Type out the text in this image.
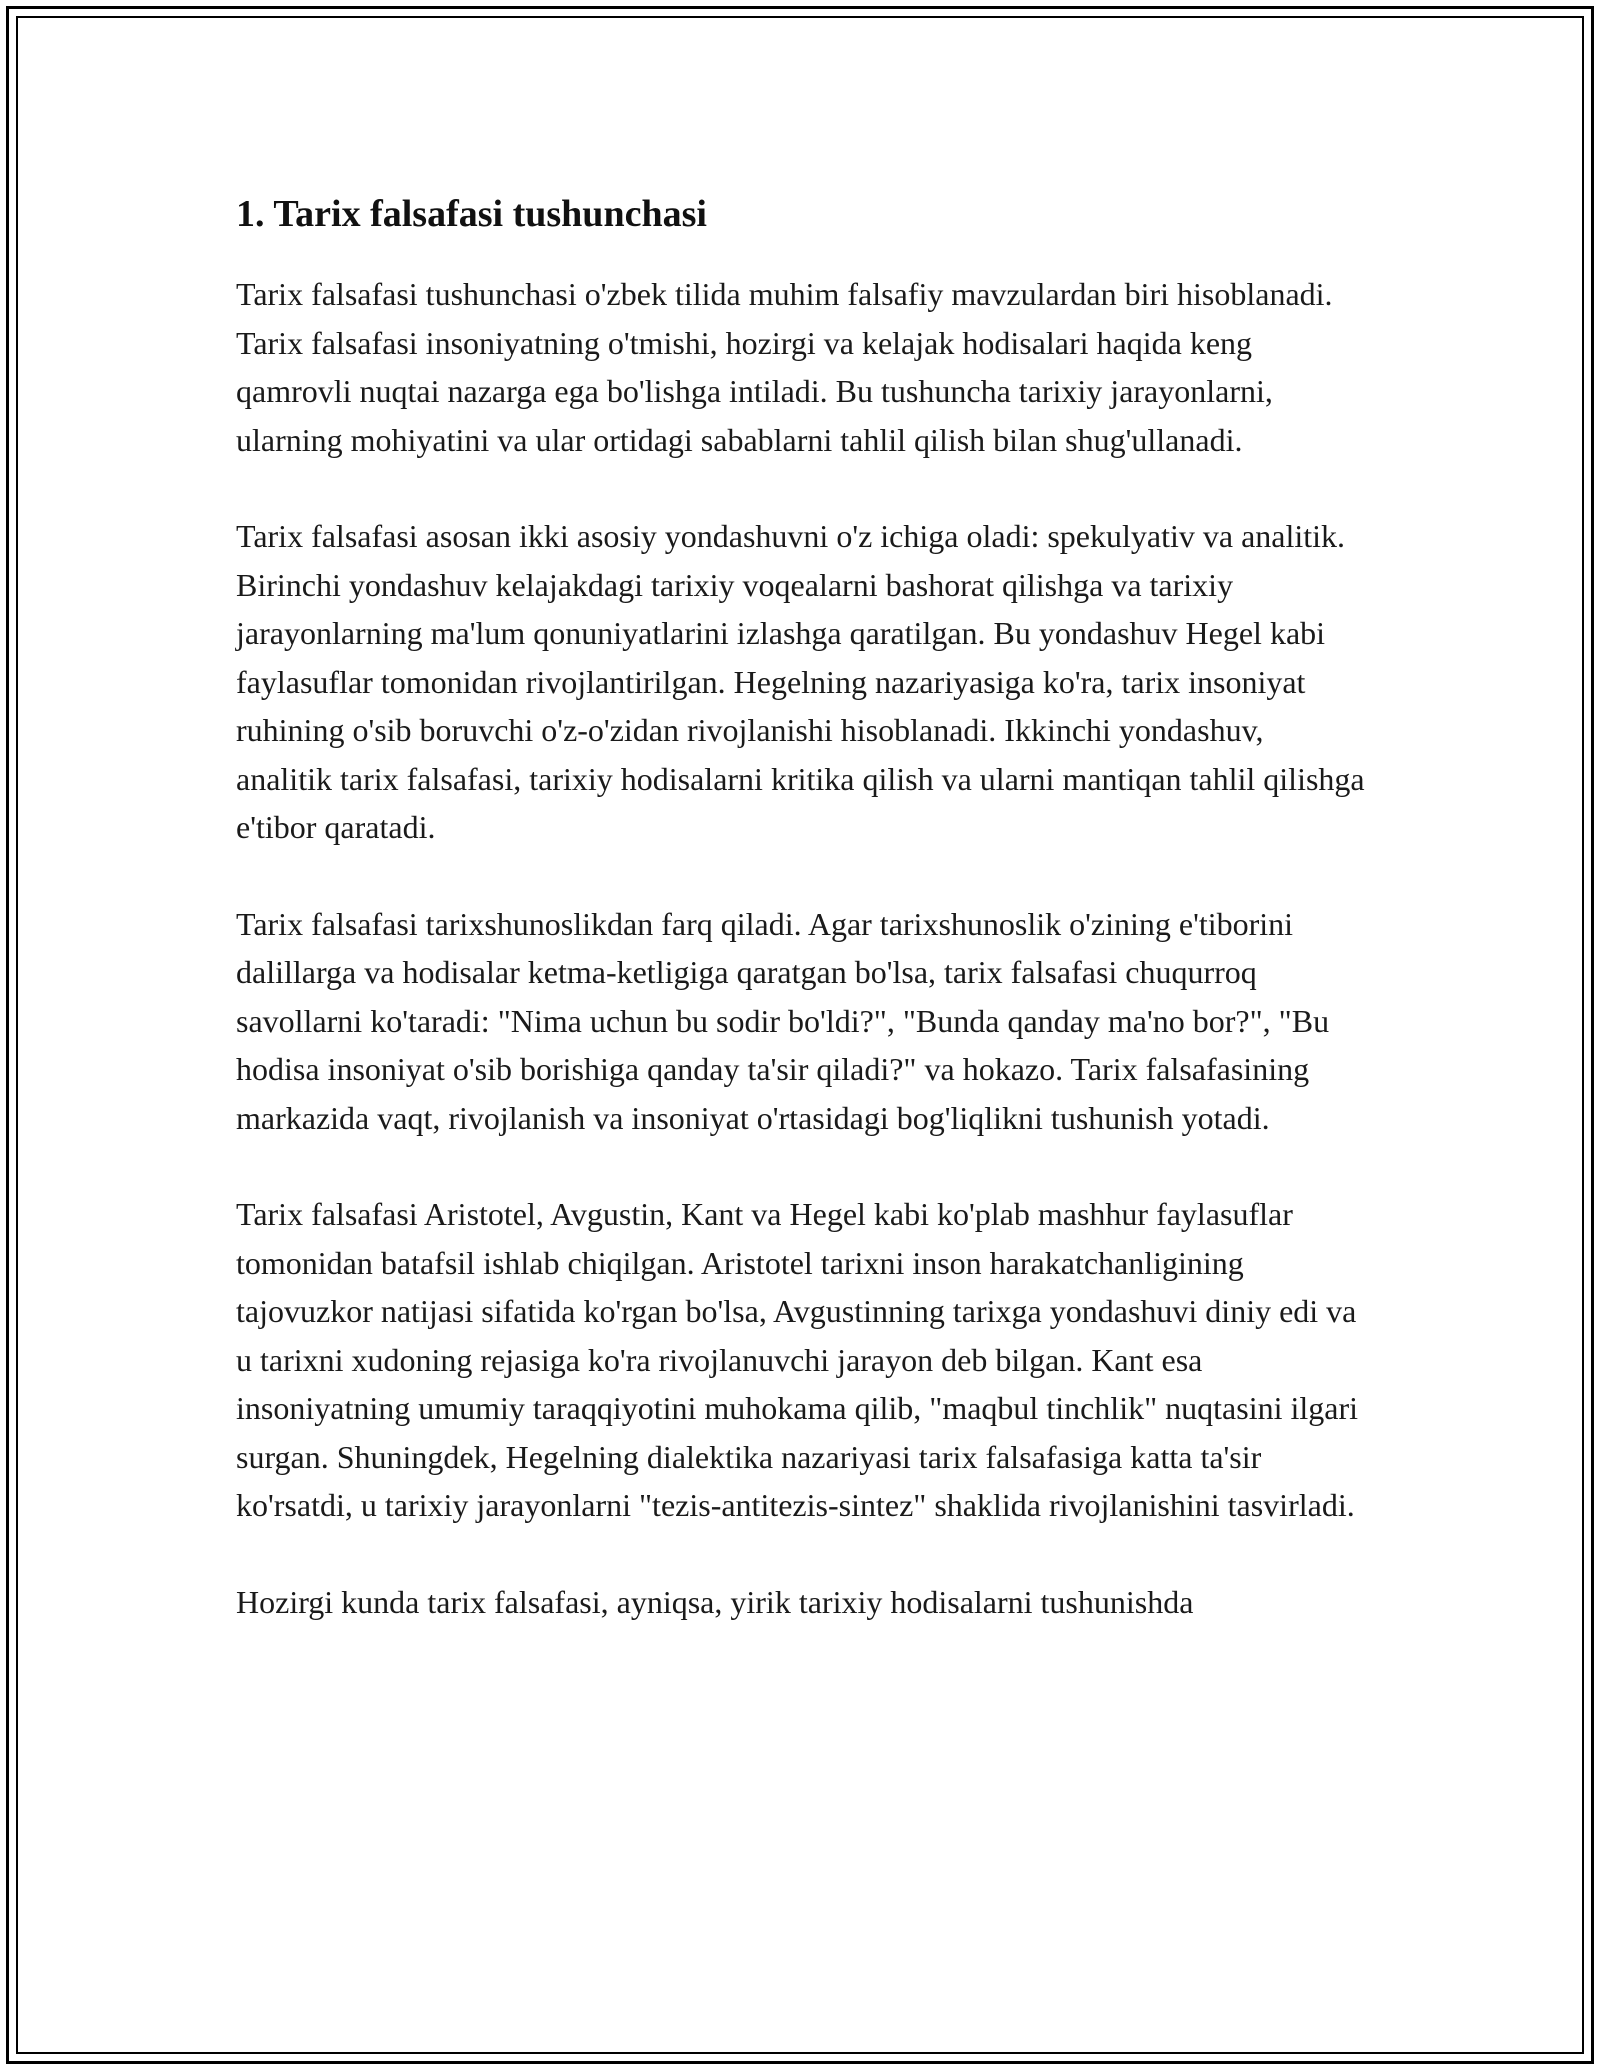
1. Tarix falsafasi tushunchasi

Tarix falsafasi tushunchasi o'zbek tilida muhim falsafiy mavzulardan biri hisoblanadi. Tarix falsafasi insoniyatning o'tmishi, hozirgi va kelajak hodisalari haqida keng qamrovli nuqtai nazarga ega bo'lishga intiladi. Bu tushuncha tarixiy jarayonlarni, ularning mohiyatini va ular ortidagi sabablarni tahlil qilish bilan shug'ullanadi.

Tarix falsafasi asosan ikki asosiy yondashuvni o'z ichiga oladi: spekulyativ va analitik. Birinchi yondashuv kelajakdagi tarixiy voqealarni bashorat qilishga va tarixiy jarayonlarning ma'lum qonuniyatlarini izlashga qaratilgan. Bu yondashuv Hegel kabi faylasuflar tomonidan rivojlantirilgan. Hegelning nazariyasiga ko'ra, tarix insoniyat ruhining o'sib boruvchi o'z-o'zidan rivojlanishi hisoblanadi. Ikkinchi yondashuv, analitik tarix falsafasi, tarixiy hodisalarni kritika qilish va ularni mantiqan tahlil qilishga e'tibor qaratadi.

Tarix falsafasi tarixshunoslikdan farq qiladi. Agar tarixshunoslik o'zining e'tiborini dalillarga va hodisalar ketma-ketligiga qaratgan bo'lsa, tarix falsafasi chuqurroq savollarni ko'taradi: "Nima uchun bu sodir bo'ldi?", "Bunda qanday ma'no bor?", "Bu hodisa insoniyat o'sib borishiga qanday ta'sir qiladi?" va hokazo. Tarix falsafasining markazida vaqt, rivojlanish va insoniyat o'rtasidagi bog'liqlikni tushunish yotadi.

Tarix falsafasi Aristotel, Avgustin, Kant va Hegel kabi ko'plab mashhur faylasuflar tomonidan batafsil ishlab chiqilgan. Aristotel tarixni inson harakatchanligining tajovuzkor natijasi sifatida ko'rgan bo'lsa, Avgustinning tarixga yondashuvi diniy edi va u tarixni xudoning rejasiga ko'ra rivojlanuvchi jarayon deb bilgan. Kant esa insoniyatning umumiy taraqqiyotini muhokama qilib, "maqbul tinchlik" nuqtasini ilgari surgan. Shuningdek, Hegelning dialektika nazariyasi tarix falsafasiga katta ta'sir ko'rsatdi, u tarixiy jarayonlarni "tezis-antitezis-sintez" shaklida rivojlanishini tasvirladi.

Hozirgi kunda tarix falsafasi, ayniqsa, yirik tarixiy hodisalarni tushunishda
